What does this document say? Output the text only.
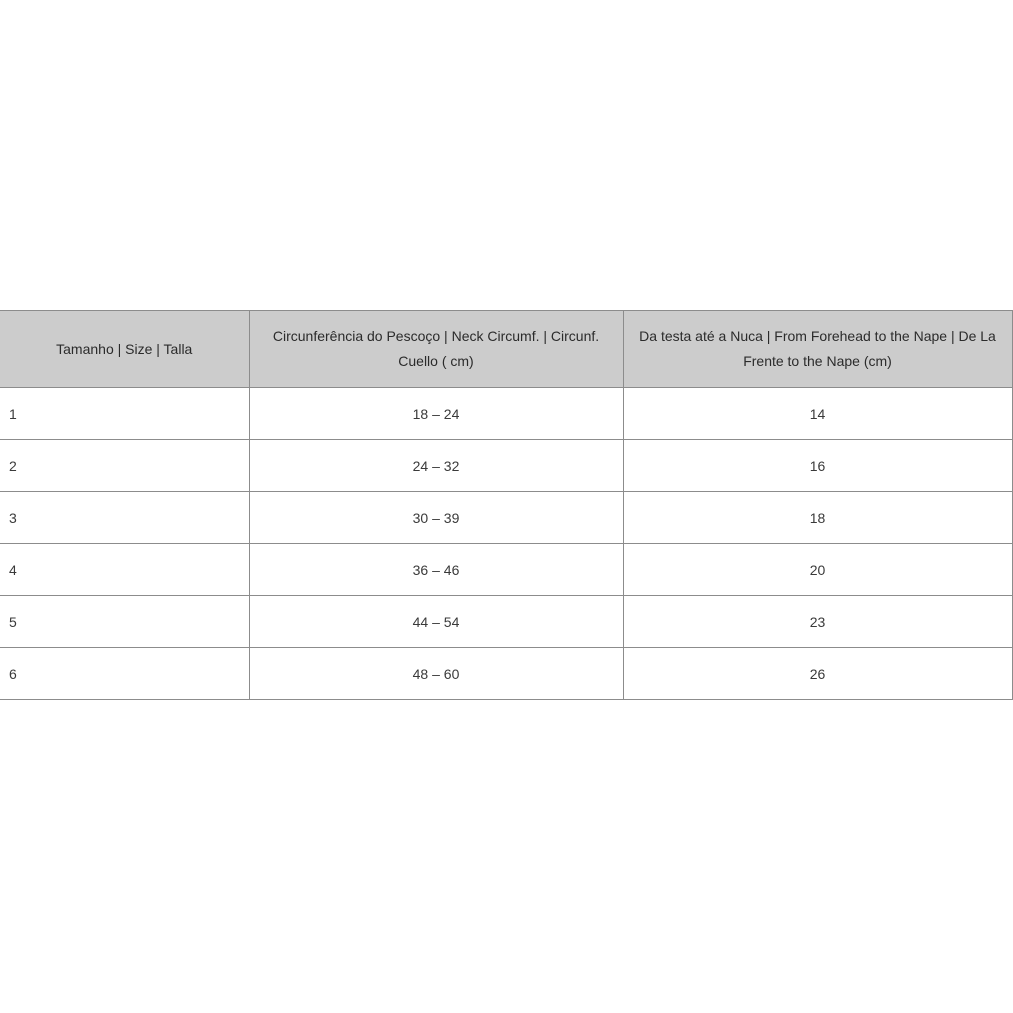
Tamanho | Size | Talla	Circunferência do Pescoço | Neck Circumf. | Circunf. Cuello ( cm)	Da testa até a Nuca | From Forehead to the Nape | De La Frente to the Nape (cm)
1	18 – 24	14
2	24 – 32	16
3	30 – 39	18
4	36 – 46	20
5	44 – 54	23
6	48 – 60	26
